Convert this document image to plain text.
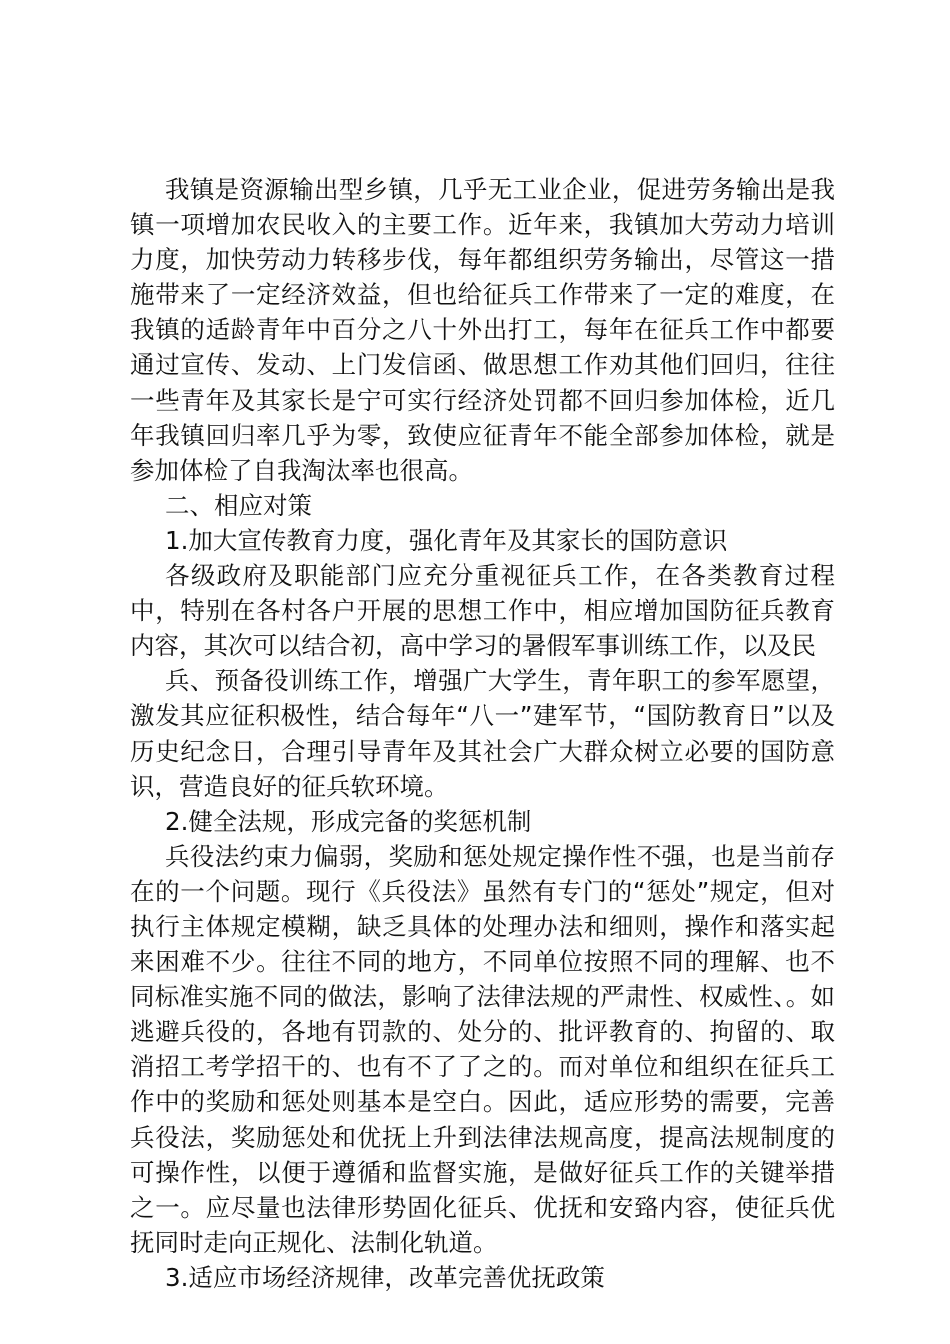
我镇是资源输出型乡镇，几乎无工业企业，促进劳务输出是我镇一项增加农民收入的主要工作。近年来，我镇加大劳动力培训力度，加快劳动力转移步伐，每年都组织劳务输出，尽管这一措施带来了一定经济效益，但也给征兵工作带来了一定的难度，在我镇的适龄青年中百分之八十外出打工，每年在征兵工作中都要通过宣传、发动、上门发信函、做思想工作劝其他们回归，往往一些青年及其家长是宁可实行经济处罚都不回归参加体检，近几年我镇回归率几乎为零，致使应征青年不能全部参加体检，就是参加体检了自我淘汰率也很高。

二、相应对策

1.加大宣传教育力度，强化青年及其家长的国防意识

各级政府及职能部门应充分重视征兵工作，在各类教育过程中，特别在各村各户开展的思想工作中，相应增加国防征兵教育内容，其次可以结合初，高中学习的暑假军事训练工作，以及民

兵、预备役训练工作，增强广大学生，青年职工的参军愿望，激发其应征积极性，结合每年“八一”建军节，“国防教育日”以及历史纪念日，合理引导青年及其社会广大群众树立必要的国防意识，营造良好的征兵软环境。

2.健全法规，形成完备的奖惩机制

兵役法约束力偏弱，奖励和惩处规定操作性不强，也是当前存在的一个问题。现行《兵役法》虽然有专门的“惩处”规定，但对执行主体规定模糊，缺乏具体的处理办法和细则，操作和落实起来困难不少。往往不同的地方，不同单位按照不同的理解、也不同标准实施不同的做法，影响了法律法规的严肃性、权威性、。如逃避兵役的，各地有罚款的、处分的、批评教育的、拘留的、取消招工考学招干的、也有不了了之的。而对单位和组织在征兵工作中的奖励和惩处则基本是空白。因此，适应形势的需要，完善兵役法，奖励惩处和优抚上升到法律法规高度，提高法规制度的可操作性，以便于遵循和监督实施，是做好征兵工作的关键举措之一。应尽量也法律形势固化征兵、优抚和安臵内容，使征兵优抚同时走向正规化、法制化轨道。

3.适应市场经济规律，改革完善优抚政策
